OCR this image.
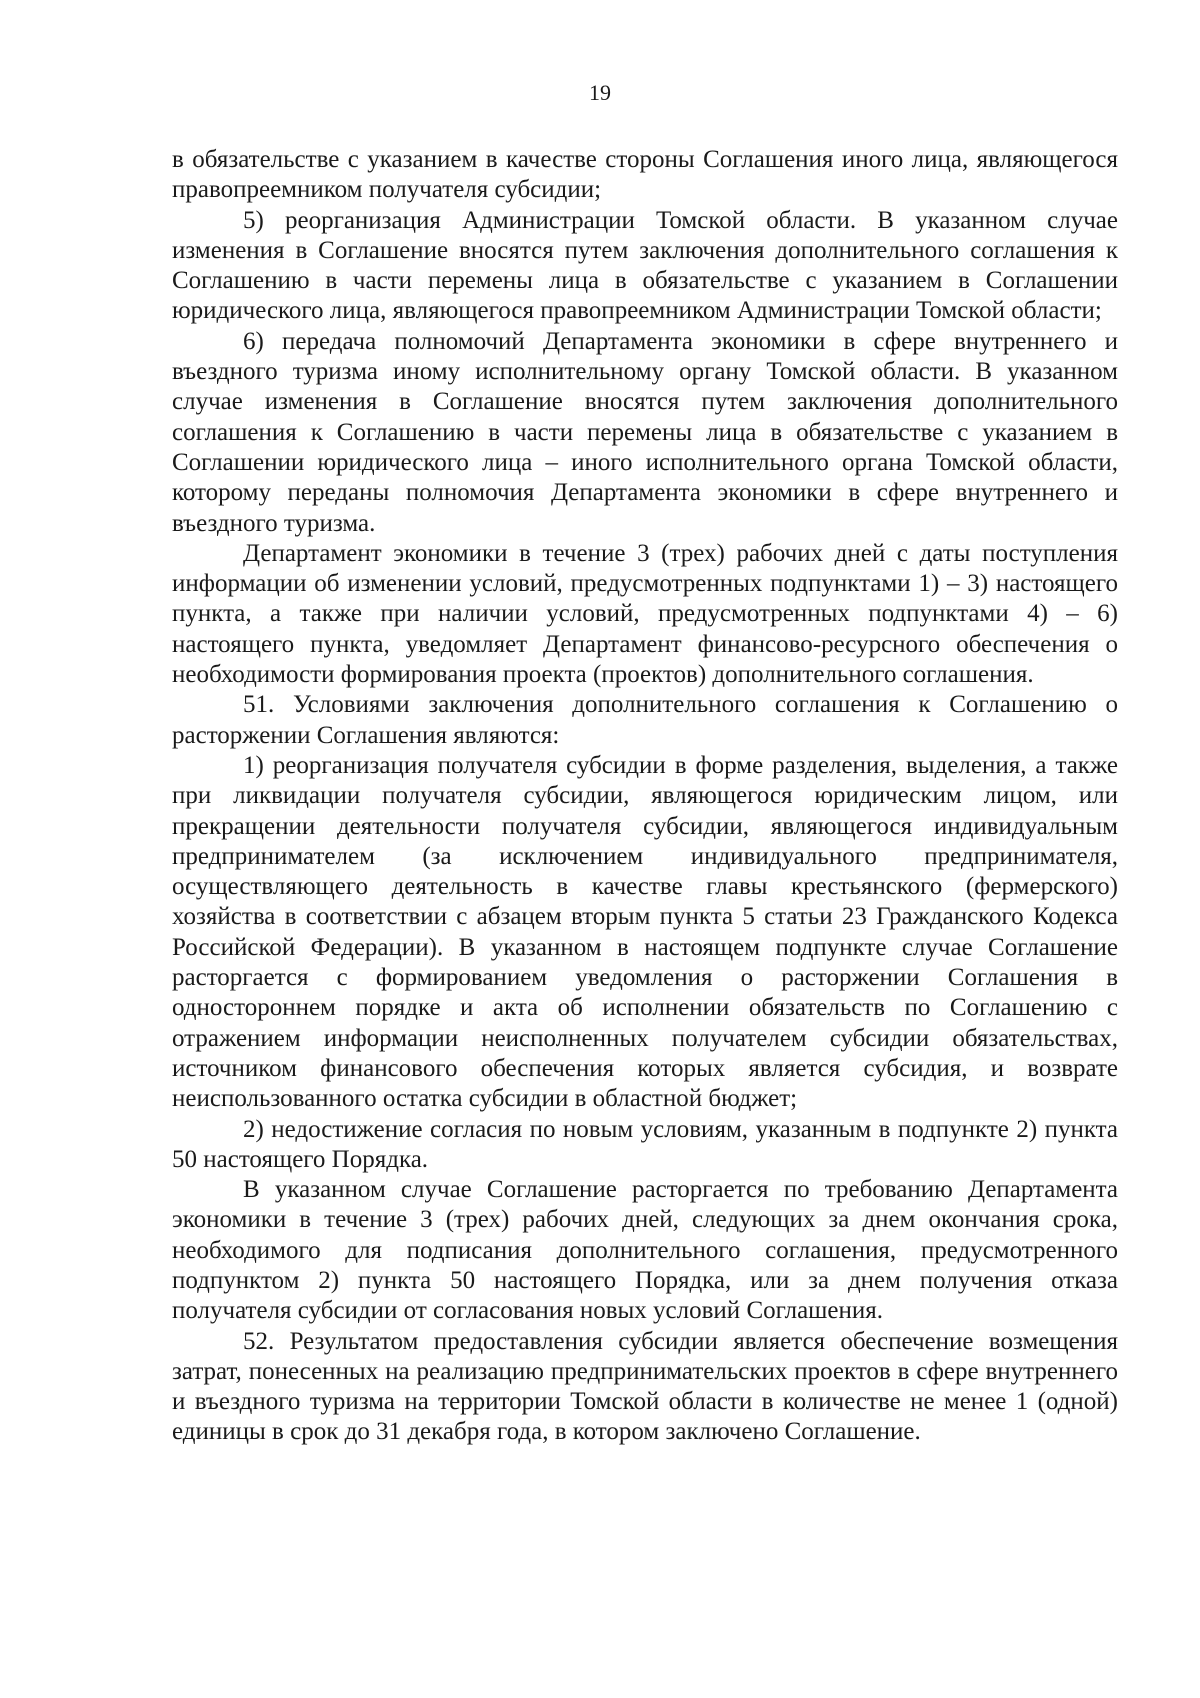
19

в обязательстве с указанием в качестве стороны Соглашения иного лица, являющегося правопреемником получателя субсидии;

5) реорганизация Администрации Томской области. В указанном случае изменения в Соглашение вносятся путем заключения дополнительного соглашения к Соглашению в части перемены лица в обязательстве с указанием в Соглашении юридического лица, являющегося правопреемником Администрации Томской области;

6) передача полномочий Департамента экономики в сфере внутреннего и въездного туризма иному исполнительному органу Томской области. В указанном случае изменения в Соглашение вносятся путем заключения дополнительного соглашения к Соглашению в части перемены лица в обязательстве с указанием в Соглашении юридического лица – иного исполнительного органа Томской области, которому переданы полномочия Департамента экономики в сфере внутреннего и въездного туризма.

Департамент экономики в течение 3 (трех) рабочих дней с даты поступления информации об изменении условий, предусмотренных подпунктами 1) – 3) настоящего пункта, а также при наличии условий, предусмотренных подпунктами 4) – 6) настоящего пункта, уведомляет Департамент финансово-ресурсного обеспечения о необходимости формирования проекта (проектов) дополнительного соглашения.

51. Условиями заключения дополнительного соглашения к Соглашению о расторжении Соглашения являются:

1) реорганизация получателя субсидии в форме разделения, выделения, а также при ликвидации получателя субсидии, являющегося юридическим лицом, или прекращении деятельности получателя субсидии, являющегося индивидуальным предпринимателем (за исключением индивидуального предпринимателя, осуществляющего деятельность в качестве главы крестьянского (фермерского) хозяйства в соответствии с абзацем вторым пункта 5 статьи 23 Гражданского Кодекса Российской Федерации). В указанном в настоящем подпункте случае Соглашение расторгается с формированием уведомления о расторжении Соглашения в одностороннем порядке и акта об исполнении обязательств по Соглашению с отражением информации неисполненных получателем субсидии обязательствах, источником финансового обеспечения которых является субсидия, и возврате неиспользованного остатка субсидии в областной бюджет;

2) недостижение согласия по новым условиям, указанным в подпункте 2) пункта 50 настоящего Порядка.

В указанном случае Соглашение расторгается по требованию Департамента экономики в течение 3 (трех) рабочих дней, следующих за днем окончания срока, необходимого для подписания дополнительного соглашения, предусмотренного подпунктом 2) пункта 50 настоящего Порядка, или за днем получения отказа получателя субсидии от согласования новых условий Соглашения.

52. Результатом предоставления субсидии является обеспечение возмещения затрат, понесенных на реализацию предпринимательских проектов в сфере внутреннего и въездного туризма на территории Томской области в количестве не менее 1 (одной) единицы в срок до 31 декабря года, в котором заключено Соглашение.
